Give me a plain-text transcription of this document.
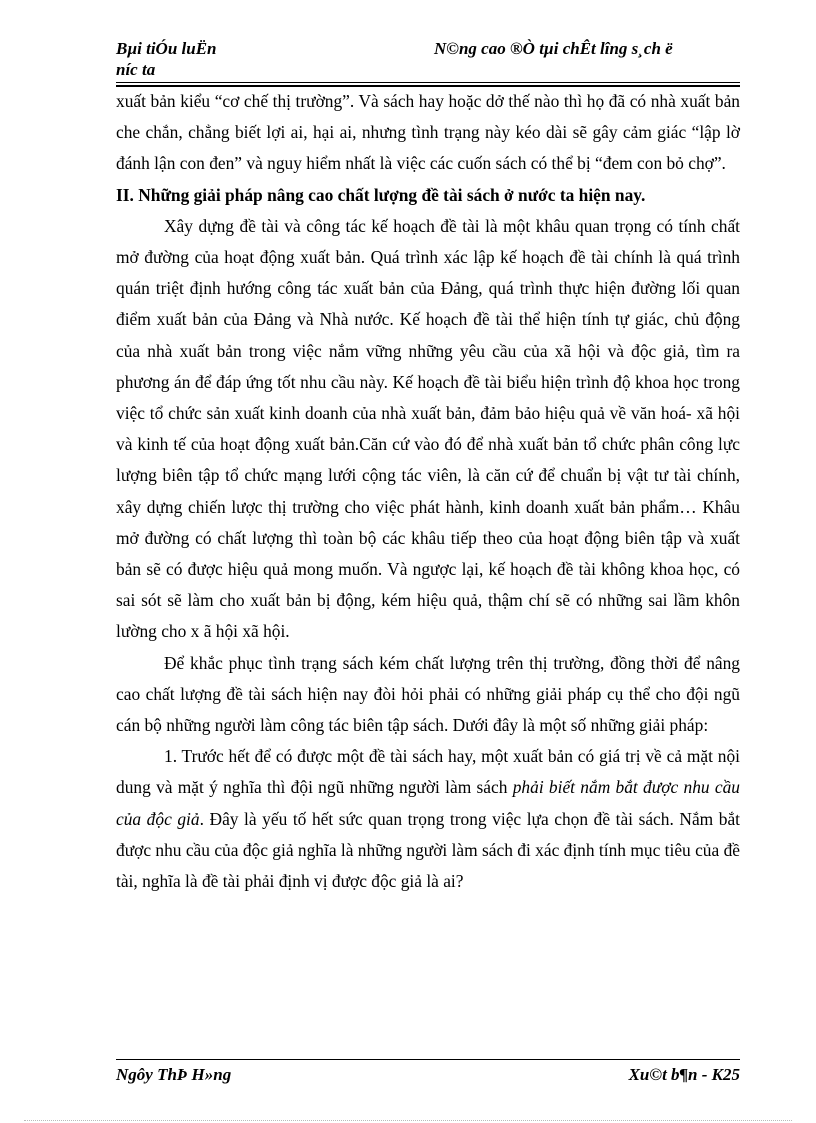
Bµi tiÓu luËn
níc ta
N©ng cao ®Ò tµi chÊt lîng s¸ch ë

xuất bản kiểu “cơ chế thị trường”. Và sách hay hoặc dở thế nào thì họ đã có nhà xuất bản che chắn, chẳng biết lợi ai, hại ai, nhưng tình trạng này kéo dài sẽ gây cảm giác “lập lờ đánh lận con đen” và nguy hiểm nhất là việc các cuốn sách có thể bị “đem con bỏ chợ”.

II. Những giải pháp nâng cao chất lượng đề tài sách ở nước ta hiện nay.

Xây dựng đề tài và công tác kế hoạch đề tài là một khâu quan trọng có tính chất mở đường của hoạt động xuất bản. Quá trình xác lập kế hoạch đề tài chính là quá trình quán triệt định hướng công tác xuất bản của Đảng, quá trình thực hiện đường lối quan điểm xuất bản của Đảng và Nhà nước. Kế hoạch đề tài thể hiện tính tự giác, chủ động của nhà xuất bản trong việc nắm vững những yêu cầu của xã hội và độc giả, tìm ra phương án để đáp ứng tốt nhu cầu này. Kế hoạch đề tài biểu hiện trình độ khoa học trong việc tổ chức sản xuất kinh doanh của nhà xuất bản, đảm bảo hiệu quả về văn hoá- xã hội và kinh tế của hoạt động xuất bản.Căn cứ vào đó để nhà xuất bản tổ chức phân công lực lượng biên tập tổ chức mạng lưới cộng tác viên, là căn cứ để chuẩn bị vật tư tài chính, xây dựng chiến lược thị trường cho việc phát hành, kinh doanh xuất bản phẩm… Khâu mở đường có chất lượng thì toàn bộ các khâu tiếp theo của hoạt động biên tập và xuất bản sẽ có được hiệu quả mong muốn. Và ngược lại, kế hoạch đề tài không khoa học, có sai sót sẽ làm cho xuất bản bị động, kém hiệu quả, thậm chí sẽ có những sai lầm khôn lường cho x ã hội xã hội.

Để khắc phục tình trạng sách kém chất lượng trên thị trường, đồng thời để nâng cao chất lượng đề tài sách hiện nay đòi hỏi phải có những giải pháp cụ thể cho đội ngũ cán bộ những người làm công tác biên tập sách. Dưới đây là một số những giải pháp:

1. Trước hết để có được một đề tài sách hay, một xuất bản có giá trị về cả mặt nội dung và mặt ý nghĩa thì đội ngũ những người làm sách phải biết nắm bắt được nhu cầu của độc giả. Đây là yếu tố hết sức quan trọng trong việc lựa chọn đề tài sách. Nắm bắt được nhu cầu của độc giả nghĩa là những người làm sách đi xác định tính mục tiêu của đề tài, nghĩa là đề tài phải định vị được độc giả là ai?

Ngôy ThÞ H»ng	Xu©t b¶n - K25
